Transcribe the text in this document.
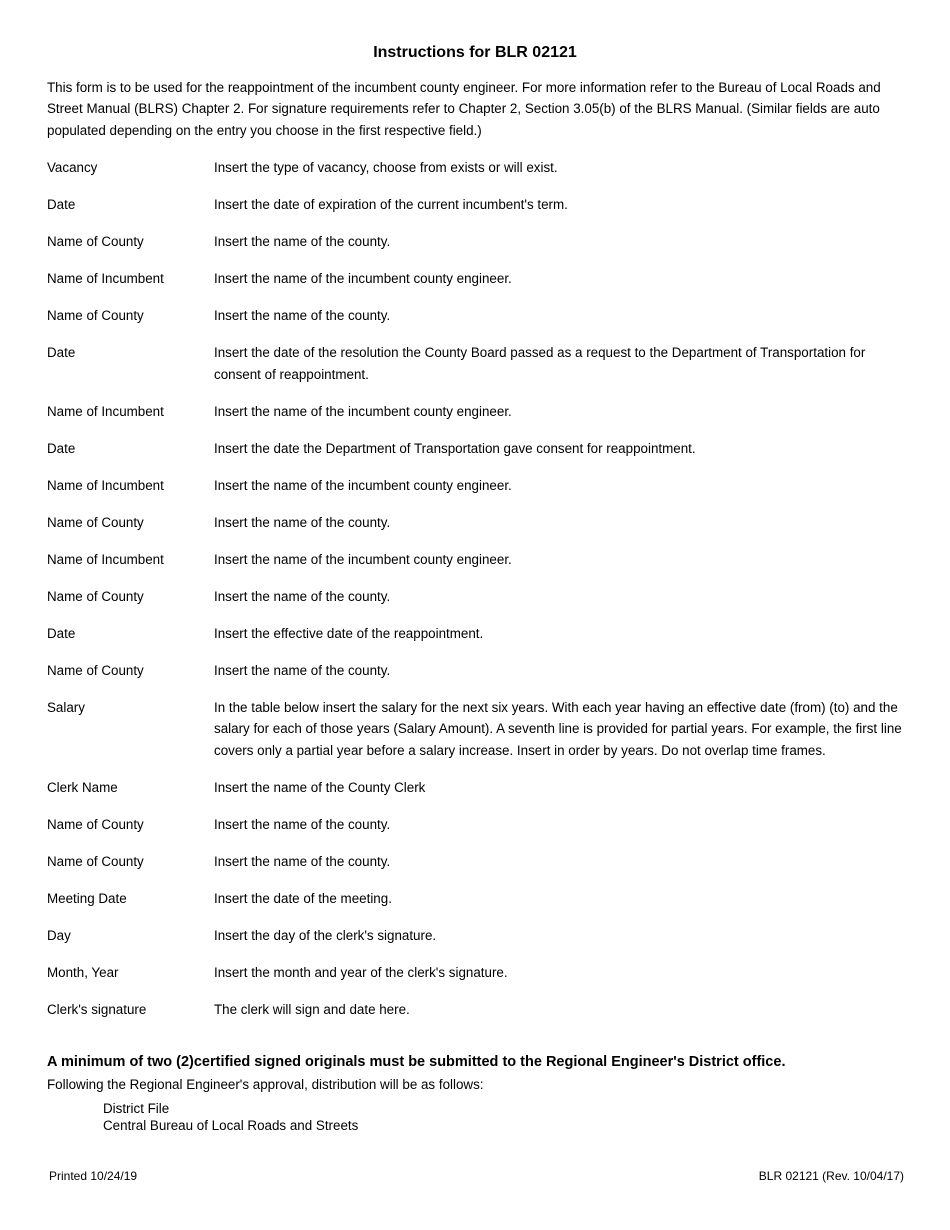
Instructions for BLR 02121

This form is to be used for the reappointment of the incumbent county engineer. For more information refer to the Bureau of Local Roads and Street Manual (BLRS) Chapter 2. For signature requirements refer to Chapter 2, Section 3.05(b) of the BLRS Manual. (Similar fields are auto populated depending on the entry you choose in the first respective field.)

Vacancy	Insert the type of vacancy, choose from exists or will exist.
Date	Insert the date of expiration of the current incumbent's term.
Name of County	Insert the name of the county.
Name of Incumbent	Insert the name of the incumbent county engineer.
Name of County	Insert the name of the county.
Date	Insert the date of the resolution the County Board passed as a request to the Department of Transportation for consent of reappointment.
Name of Incumbent	Insert the name of the incumbent county engineer.
Date	Insert the date the Department of Transportation gave consent for reappointment.
Name of Incumbent	Insert the name of the incumbent county engineer.
Name of County	Insert the name of the county.
Name of Incumbent	Insert the name of the incumbent county engineer.
Name of County	Insert the name of the county.
Date	Insert the effective date of the reappointment.
Name of County	Insert the name of the county.
Salary	In the table below insert the salary for the next six years. With each year having an effective date (from) (to) and the salary for each of those years (Salary Amount). A seventh line is provided for partial years. For example, the first line covers only a partial year before a salary increase. Insert in order by years. Do not overlap time frames.
Clerk Name	Insert the name of the County Clerk
Name of County	Insert the name of the county.
Name of County	Insert the name of the county.
Meeting Date	Insert the date of the meeting.
Day	Insert the day of the clerk's signature.
Month, Year	Insert the month and year of the clerk's signature.
Clerk's signature	The clerk will sign and date here.

A minimum of two (2)certified signed originals must be submitted to the Regional Engineer's District office.

Following the Regional Engineer's approval, distribution will be as follows:

District File
Central Bureau of Local Roads and Streets
Printed 10/24/19	BLR 02121 (Rev. 10/04/17)
